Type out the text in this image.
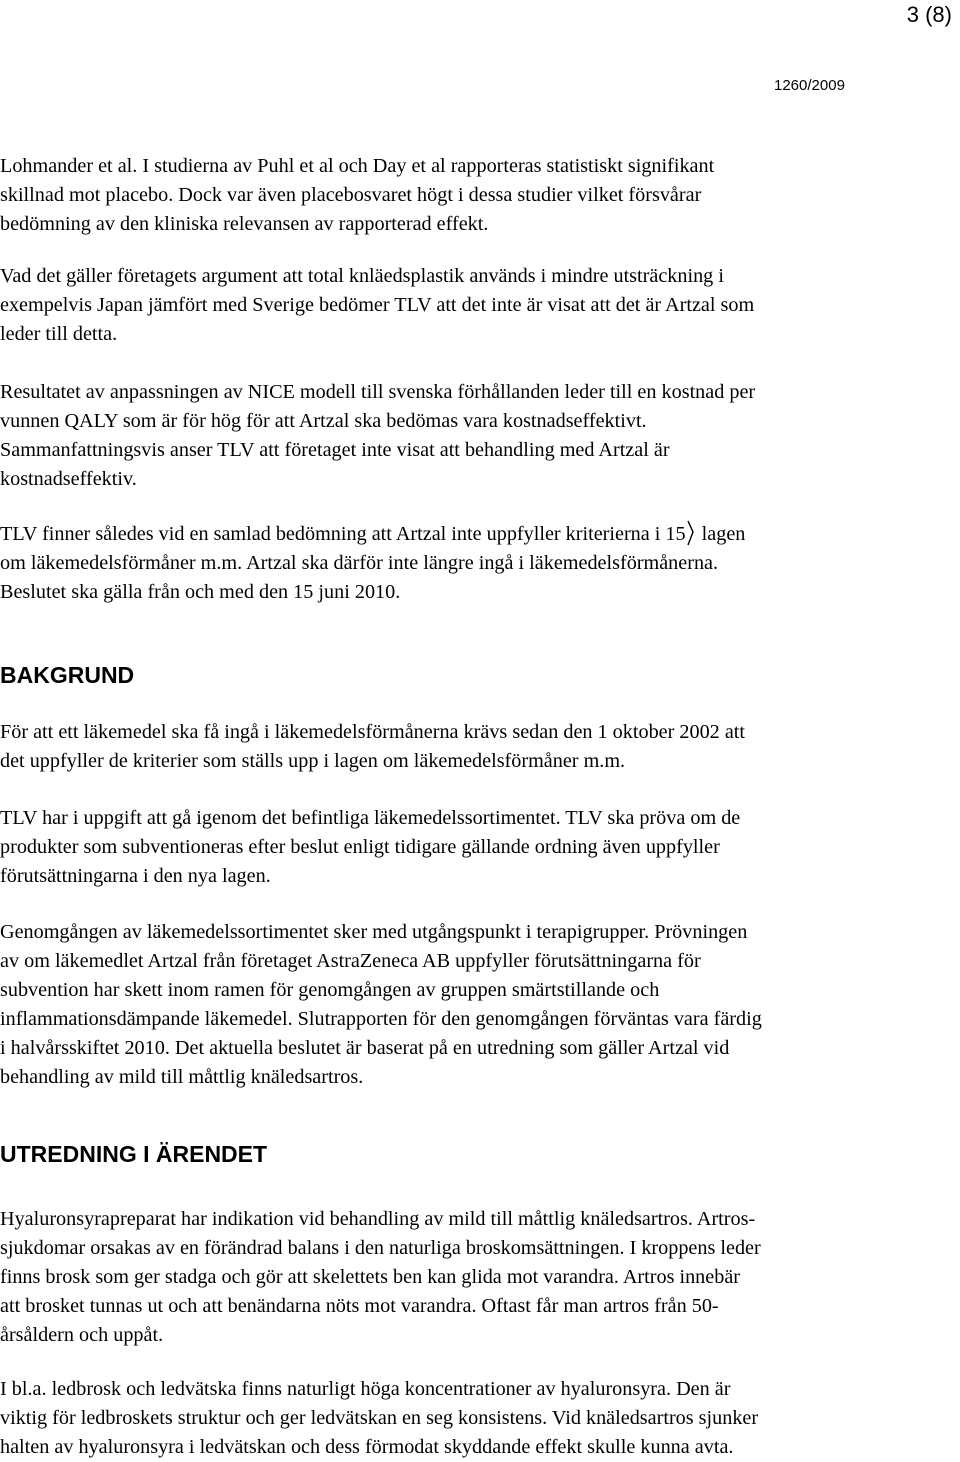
3 (8)
1260/2009

Lohmander et al. I studierna av Puhl et al och Day et al rapporteras statistiskt signifikant
skillnad mot placebo. Dock var även placebosvaret högt i dessa studier vilket försvårar
bedömning av den kliniska relevansen av rapporterad effekt.

Vad det gäller företagets argument att total knläedsplastik används i mindre utsträckning i
exempelvis Japan jämfört med Sverige bedömer TLV att det inte är visat att det är Artzal som
leder till detta.

Resultatet av anpassningen av NICE modell till svenska förhållanden leder till en kostnad per
vunnen QALY som är för hög för att Artzal ska bedömas vara kostnadseffektivt.
Sammanfattningsvis anser TLV att företaget inte visat att behandling med Artzal är
kostnadseffektiv.

TLV finner således vid en samlad bedömning att Artzal inte uppfyller kriterierna i 15 lagen
om läkemedelsförmåner m.m. Artzal ska därför inte längre ingå i läkemedelsförmånerna.
Beslutet ska gälla från och med den 15 juni 2010.
BAKGRUND

För att ett läkemedel ska få ingå i läkemedelsförmånerna krävs sedan den 1 oktober 2002 att
det uppfyller de kriterier som ställs upp i lagen om läkemedelsförmåner m.m.

TLV har i uppgift att gå igenom det befintliga läkemedelssortimentet. TLV ska pröva om de
produkter som subventioneras efter beslut enligt tidigare gällande ordning även uppfyller
förutsättningarna i den nya lagen.

Genomgången av läkemedelssortimentet sker med utgångspunkt i terapigrupper. Prövningen
av om läkemedlet Artzal från företaget AstraZeneca AB uppfyller förutsättningarna för
subvention har skett inom ramen för genomgången av gruppen smärtstillande och
inflammationsdämpande läkemedel. Slutrapporten för den genomgången förväntas vara färdig
i halvårsskiftet 2010. Det aktuella beslutet är baserat på en utredning som gäller Artzal vid
behandling av mild till måttlig knäledsartros.

UTREDNING I ÄRENDET

Hyaluronsyrapreparat har indikation vid behandling av mild till måttlig knäledsartros. Artros-
sjukdomar orsakas av en förändrad balans i den naturliga broskomsättningen. I kroppens leder
finns brosk som ger stadga och gör att skelettets ben kan glida mot varandra. Artros innebär
att brosket tunnas ut och att benändarna nöts mot varandra. Oftast får man artros från 50-
årsåldern och uppåt.

I bl.a. ledbrosk och ledvätska finns naturligt höga koncentrationer av hyaluronsyra. Den är
viktig för ledbroskets struktur och ger ledvätskan en seg konsistens. Vid knäledsartros sjunker
halten av hyaluronsyra i ledvätskan och dess förmodat skyddande effekt skulle kunna avta.
